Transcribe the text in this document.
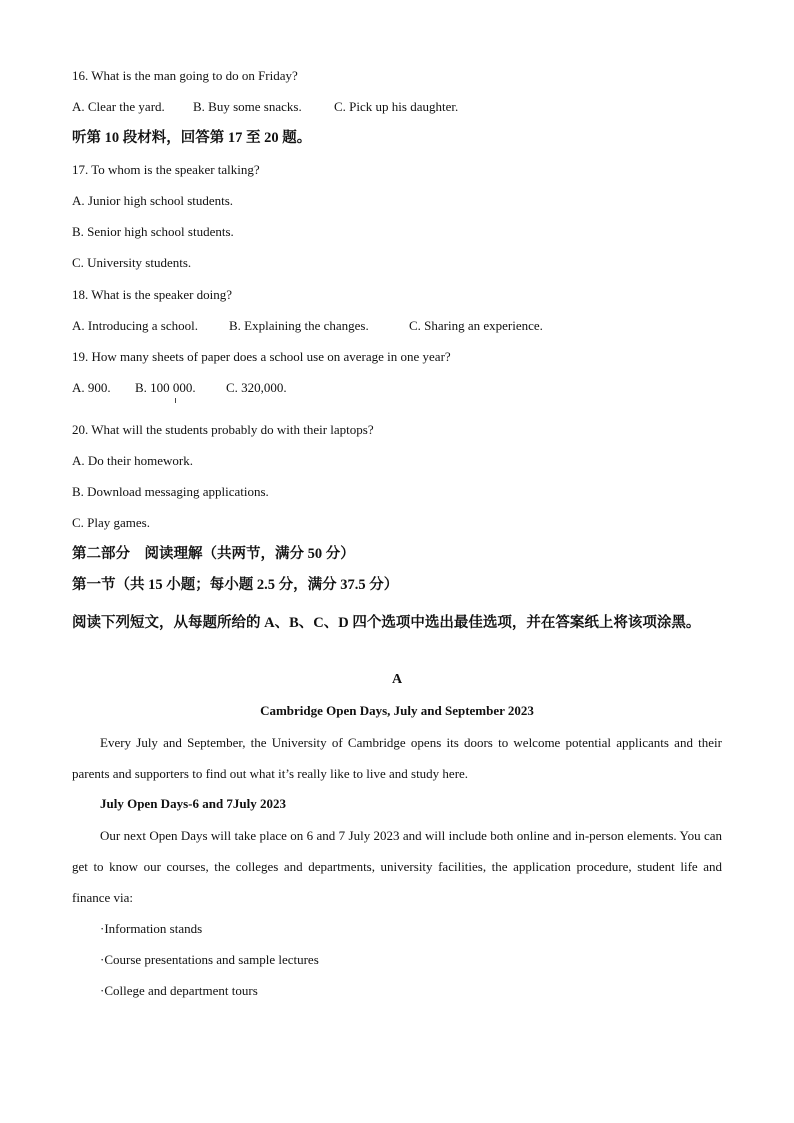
16. What is the man going to do on Friday?
A. Clear the yard. B. Buy some snacks. C. Pick up his daughter.
听第 10 段材料，回答第 17 至 20 题。
17. To whom is the speaker talking?
A. Junior high school students.
B. Senior high school students.
C. University students.
18. What is the speaker doing?
A. Introducing a school. B. Explaining the changes.	C. Sharing an experience.
19. How many sheets of paper does a school use on average in one year?
A. 900. B. 100 000. C. 320,000.
20. What will the students probably do with their laptops?
A. Do their homework.
B. Download messaging applications.
C. Play games.
第二部分　阅读理解（共两节，满分 50 分）
第一节（共 15 小题；每小题 2.5 分，满分 37.5 分）
阅读下列短文，从每题所给的 A、B、C、D 四个选项中选出最佳选项，并在答案纸上将该项涂黑。
A
Cambridge Open Days, July and September 2023
Every July and September, the University of Cambridge opens its doors to welcome potential applicants and their parents and supporters to find out what it’s really like to live and study here.
July Open Days-6 and 7July 2023
Our next Open Days will take place on 6 and 7 July 2023 and will include both online and in-person elements. You can get to know our courses, the colleges and departments, university facilities, the application procedure, student life and finance via:
·Information stands
·Course presentations and sample lectures
·College and department tours
